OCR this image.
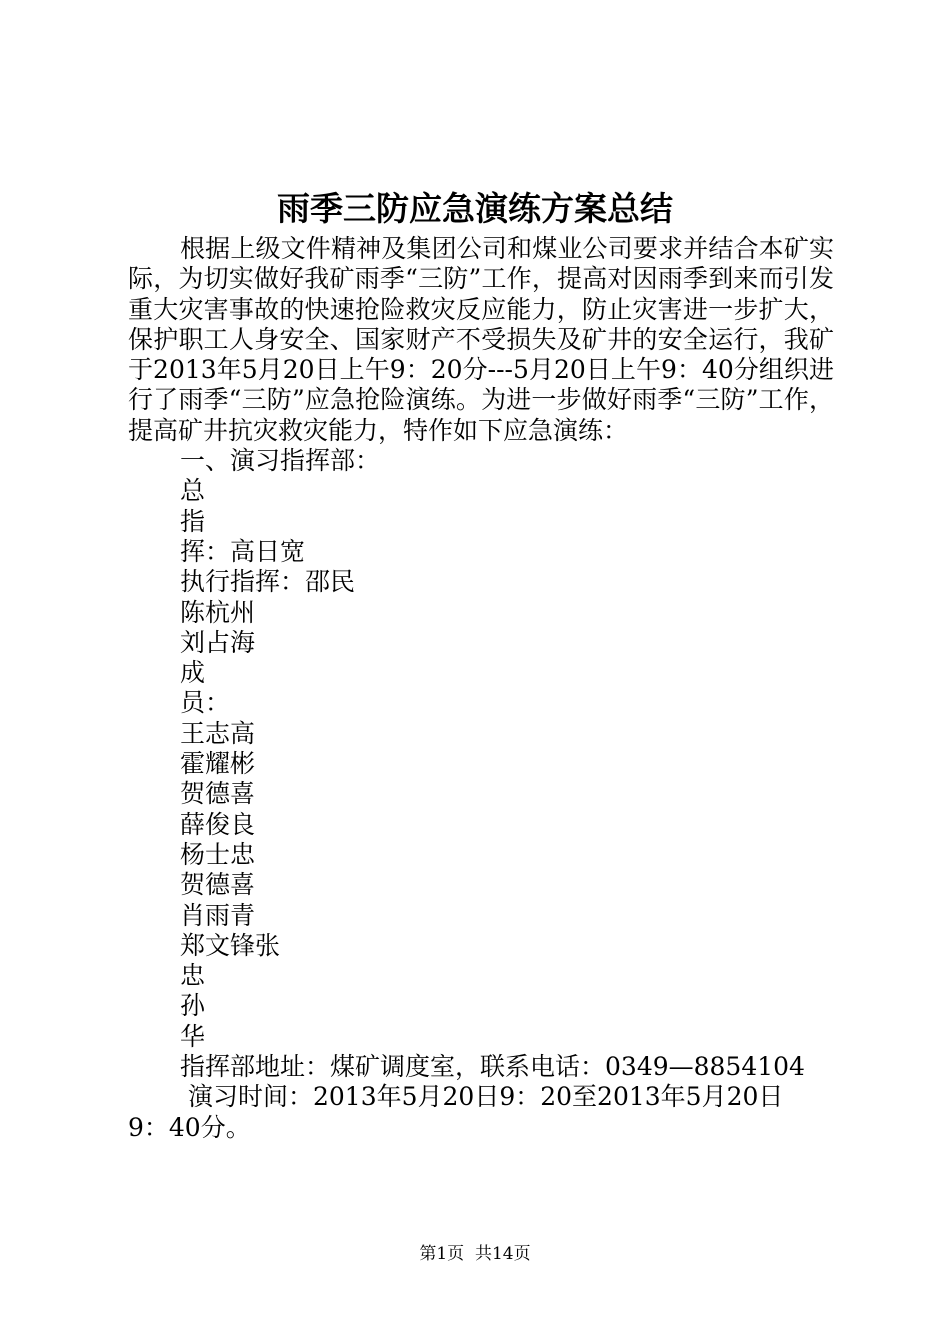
雨季三防应急演练方案总结

根据上级文件精神及集团公司和煤业公司要求并结合本矿实际，为切实做好我矿雨季“三防”工作，提高对因雨季到来而引发重大灾害事故的快速抢险救灾反应能力，防止灾害进一步扩大，保护职工人身安全、国家财产不受损失及矿井的安全运行，我矿于2013年5月20日上午9：20分---5月20日上午9：40分组织进行了雨季“三防”应急抢险演练。为进一步做好雨季“三防”工作，提高矿井抗灾救灾能力，特作如下应急演练：

一、演习指挥部：

总

指

挥：高日宽

执行指挥：邵民

陈杭州

刘占海

成

员：

王志高

霍耀彬

贺德喜

薛俊良

杨士忠

贺德喜

肖雨青

郑文锋张

忠

孙

华

指挥部地址：煤矿调度室，联系电话：0349—8854104

演习时间：2013年5月20日9：20至2013年5月20日

9：40分。

第1页  共14页
